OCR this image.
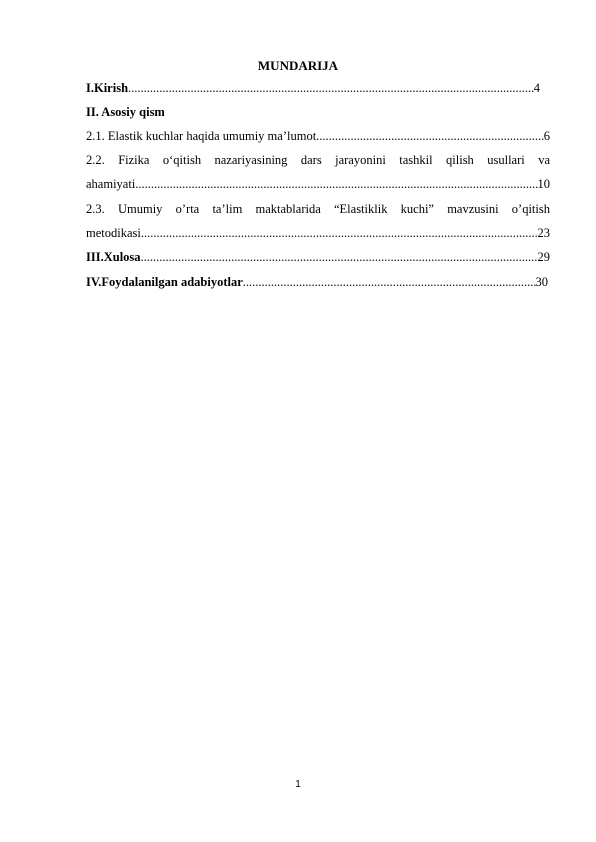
MUNDARIJA
I.Kirish .....	4
II. Asosiy qism
2.1. Elastik kuchlar haqida umumiy ma’lumot .....	6
2.2. Fizika o‘qitish nazariyasining dars jarayonini tashkil qilish usullari va
ahamiyati .....	10
2.3. Umumiy o’rta ta’lim maktablarida “Elastiklik kuchi” mavzusini o’qitish
metodikasi .....	23
III.Xulosa .....	29
IV.Foydalanilgan adabiyotlar .....	30
1
